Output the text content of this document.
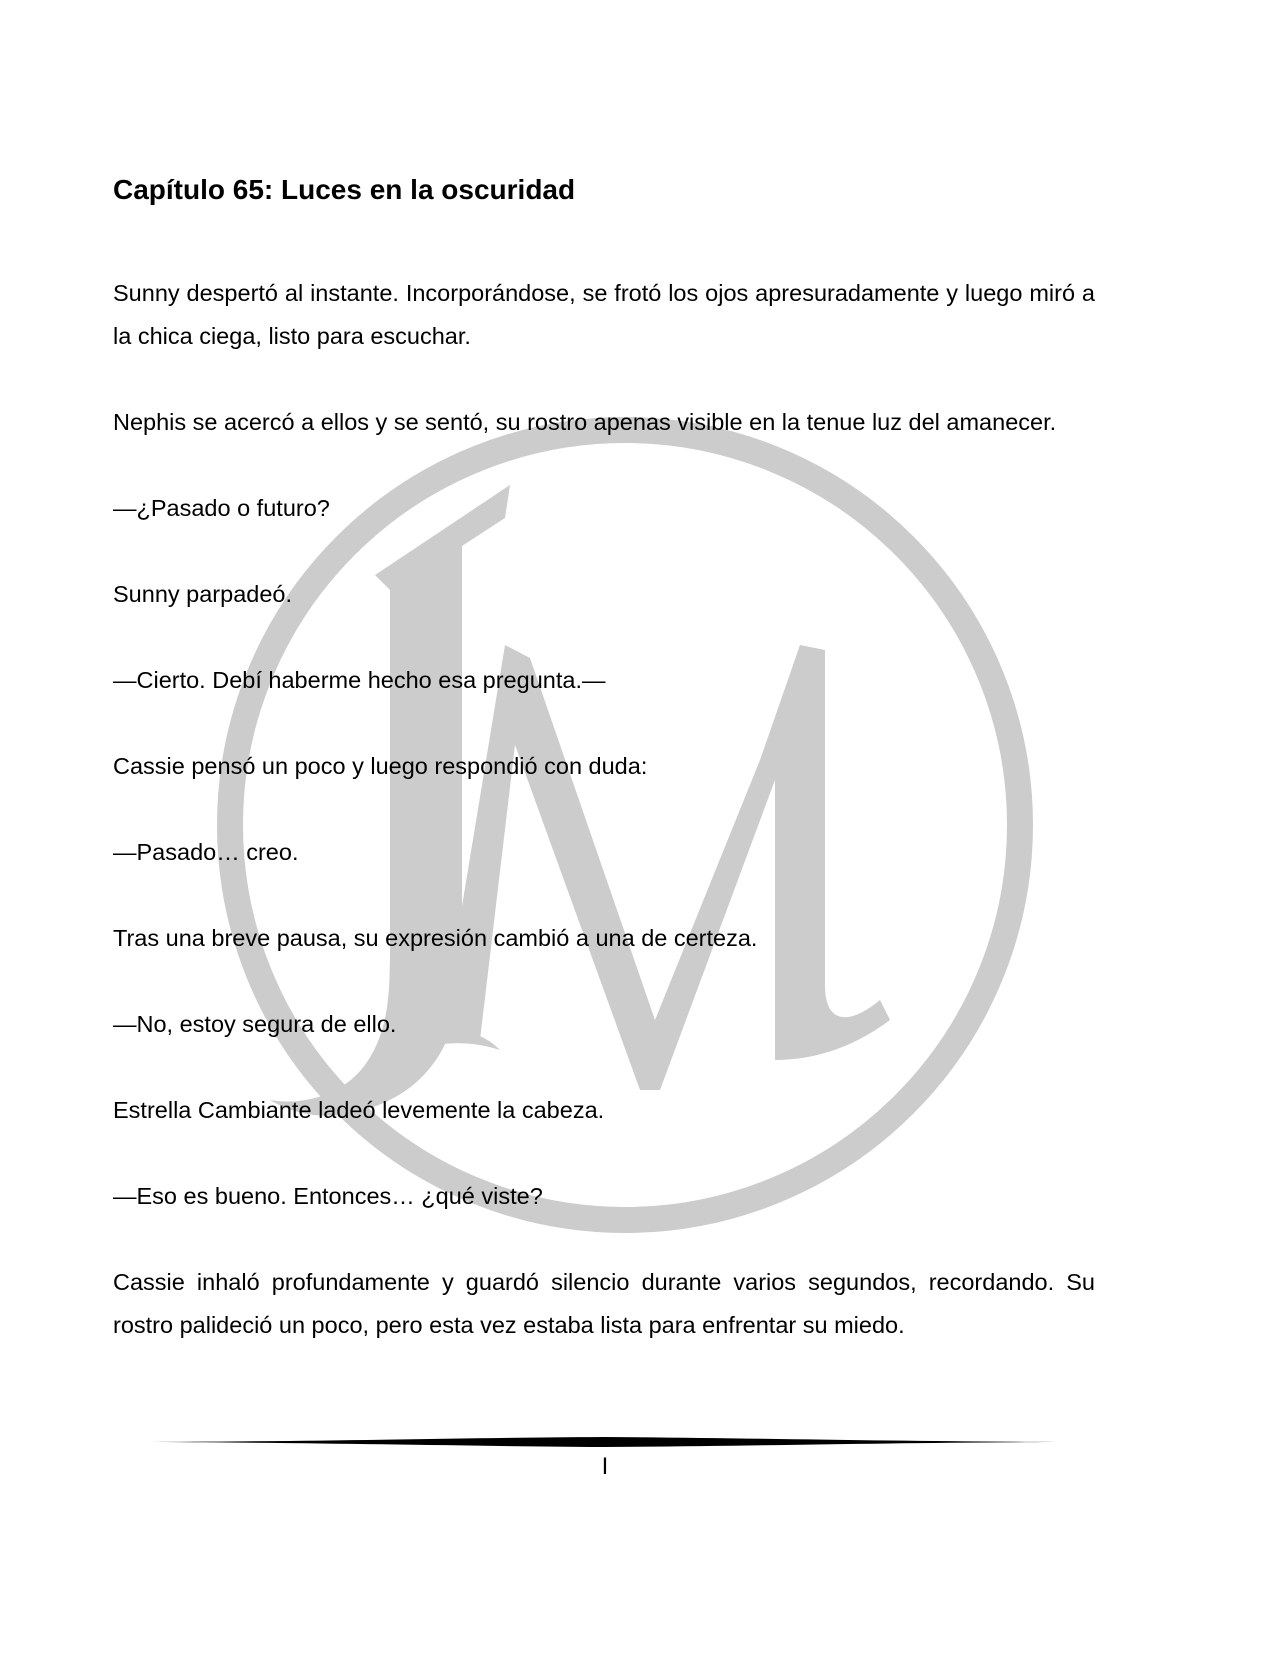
Capítulo 65: Luces en la oscuridad

Sunny despertó al instante. Incorporándose, se frotó los ojos apresuradamente y luego miró a la chica ciega, listo para escuchar.

Nephis se acercó a ellos y se sentó, su rostro apenas visible en la tenue luz del amanecer.

—¿Pasado o futuro?

Sunny parpadeó.

—Cierto. Debí haberme hecho esa pregunta.—

Cassie pensó un poco y luego respondió con duda:

—Pasado… creo.

Tras una breve pausa, su expresión cambió a una de certeza.

—No, estoy segura de ello.

Estrella Cambiante ladeó levemente la cabeza.

—Eso es bueno. Entonces… ¿qué viste?

Cassie inhaló profundamente y guardó silencio durante varios segundos, recordando. Su rostro palideció un poco, pero esta vez estaba lista para enfrentar su miedo.

I
